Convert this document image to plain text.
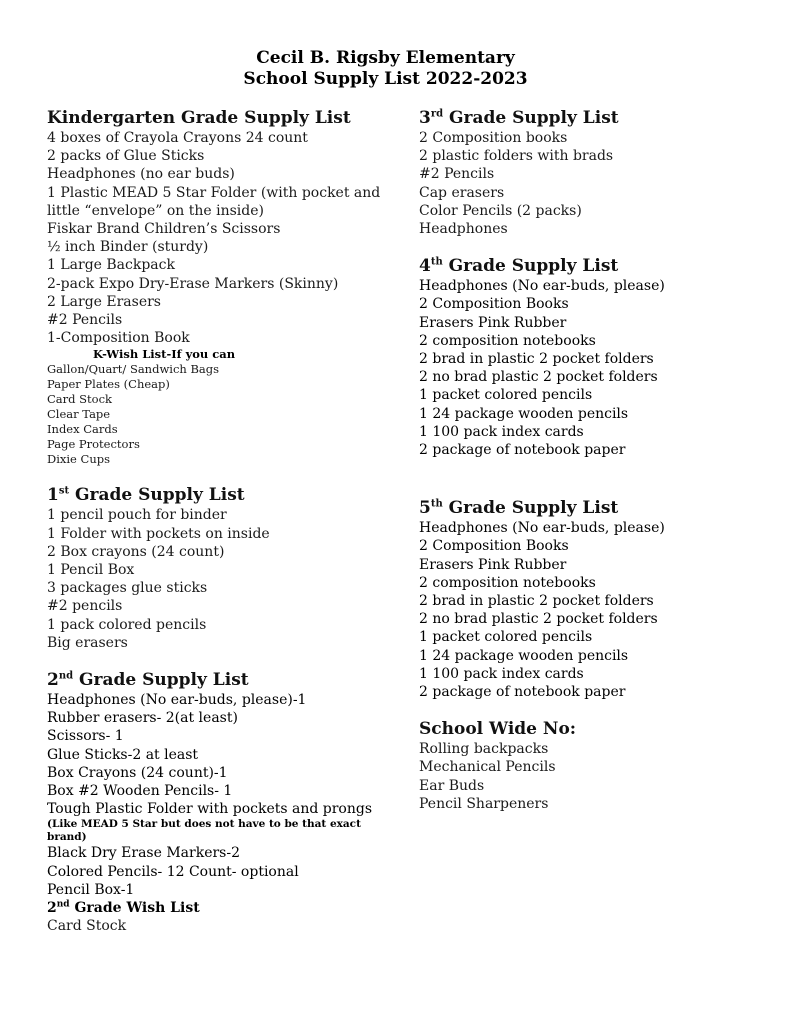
Cecil B. Rigsby Elementary
School Supply List 2022-2023
Kindergarten Grade Supply List
4 boxes of Crayola Crayons 24 count
2 packs of Glue Sticks
Headphones (no ear buds)
1 Plastic MEAD 5 Star Folder (with pocket and little “envelope” on the inside)
Fiskar Brand Children’s Scissors
½ inch Binder (sturdy)
1 Large Backpack
2-pack Expo Dry-Erase Markers (Skinny)
2 Large Erasers
#2 Pencils
1-Composition Book
K-Wish List-If you can
Gallon/Quart/ Sandwich Bags
Paper Plates (Cheap)
Card Stock
Clear Tape
Index Cards
Page Protectors
Dixie Cups
1st Grade Supply List
1 pencil pouch for binder
1 Folder with pockets on inside
2 Box crayons (24 count)
1 Pencil Box
3 packages glue sticks
#2 pencils
1 pack colored pencils
Big erasers
2nd Grade Supply List
Headphones (No ear-buds, please)-1
Rubber erasers- 2(at least)
Scissors- 1
Glue Sticks-2 at least
Box Crayons (24 count)-1
Box #2 Wooden Pencils- 1
Tough Plastic Folder with pockets and prongs
(Like MEAD 5 Star but does not have to be that exact brand)
Black Dry Erase Markers-2
Colored Pencils- 12 Count- optional
Pencil Box-1
2nd Grade Wish List
Card Stock
3rd Grade Supply List
2 Composition books
2 plastic folders with brads
#2 Pencils
Cap erasers
Color Pencils (2 packs)
Headphones
4th Grade Supply List
Headphones (No ear-buds, please)
2 Composition Books
Erasers Pink Rubber
2 composition notebooks
2 brad in plastic 2 pocket folders
2 no brad plastic 2 pocket folders
1 packet colored pencils
1 24 package wooden pencils
1 100 pack index cards
2 package of notebook paper
5th Grade Supply List
Headphones (No ear-buds, please)
2 Composition Books
Erasers Pink Rubber
2 composition notebooks
2 brad in plastic 2 pocket folders
2 no brad plastic 2 pocket folders
1 packet colored pencils
1 24 package wooden pencils
1 100 pack index cards
2 package of notebook paper
School Wide No:
Rolling backpacks
Mechanical Pencils
Ear Buds
Pencil Sharpeners
